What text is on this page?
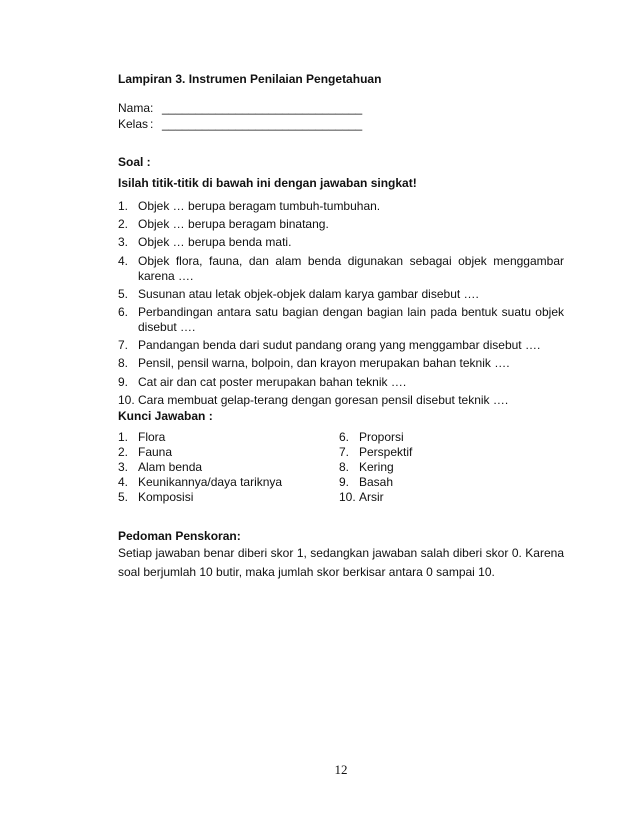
Lampiran 3. Instrumen Penilaian Pengetahuan
Nama: ______________________________
Kelas : ______________________________
Soal :
Isilah titik-titik di bawah ini dengan jawaban singkat!
1. Objek … berupa beragam tumbuh-tumbuhan.
2. Objek … berupa beragam binatang.
3. Objek … berupa benda mati.
4. Objek flora, fauna, dan alam benda digunakan sebagai objek menggambar karena ….
5. Susunan atau letak objek-objek dalam karya gambar disebut ….
6. Perbandingan antara satu bagian dengan bagian lain pada bentuk suatu objek disebut ….
7. Pandangan benda dari sudut pandang orang yang menggambar disebut ….
8. Pensil, pensil warna, bolpoin, dan krayon merupakan bahan teknik ….
9. Cat air dan cat poster merupakan bahan teknik ….
10. Cara membuat gelap-terang dengan goresan pensil disebut teknik ….
Kunci Jawaban :
1. Flora
2. Fauna
3. Alam benda
4. Keunikannya/daya tariknya
5. Komposisi
6. Proporsi
7. Perspektif
8. Kering
9. Basah
10. Arsir
Pedoman Penskoran:
Setiap jawaban benar diberi skor 1, sedangkan jawaban salah diberi skor 0. Karena soal berjumlah 10 butir, maka jumlah skor berkisar antara 0 sampai 10.
12
